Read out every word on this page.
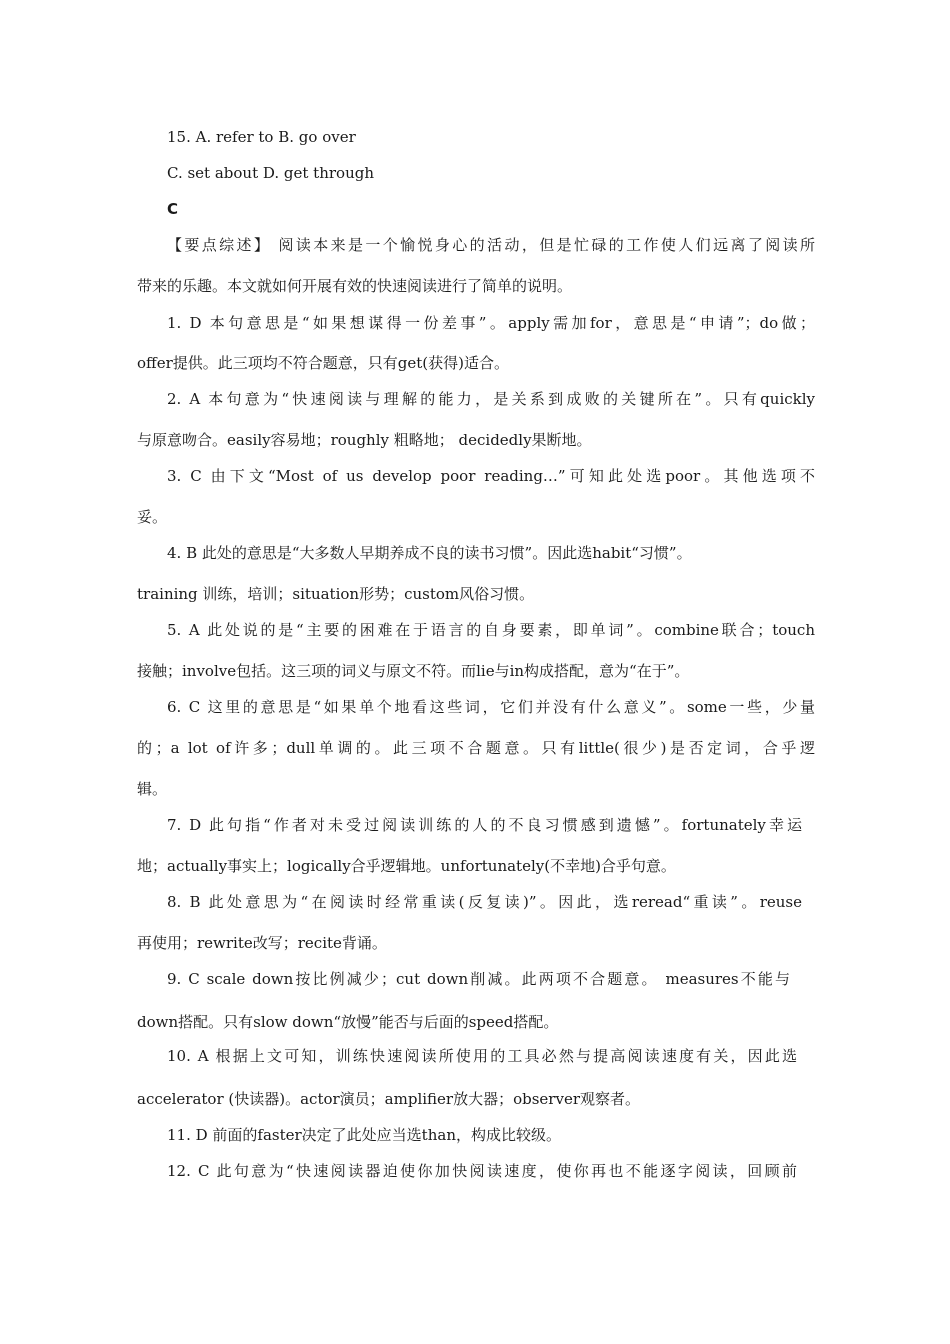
15. A. refer to B. go over
C. set about D. get through
C
【要点综述】 阅读本来是一个愉悦身心的活动，但是忙碌的工作使人们远离了阅读所
带来的乐趣。本文就如何开展有效的快速阅读进行了简单的说明。
1. D 本句意思是“如果想谋得一份差事”。apply需加for，意思是“申请”；do做；
offer提供。此三项均不符合题意，只有get(获得)适合。
2. A 本句意为“快速阅读与理解的能力，是关系到成败的关键所在”。只有quickly
与原意吻合。easily容易地；roughly 粗略地； decidedly果断地。
3. C 由下文“Most of us develop poor reading…”可知此处选poor。其他选项不
妥。
4. B 此处的意思是“大多数人早期养成不良的读书习惯”。因此选habit“习惯”。
training 训练，培训；situation形势；custom风俗习惯。
5. A 此处说的是“主要的困难在于语言的自身要素，即单词”。combine联合；touch
接触；involve包括。这三项的词义与原文不符。而lie与in构成搭配，意为“在于”。
6. C 这里的意思是“如果单个地看这些词，它们并没有什么意义”。some一些，少量
的；a lot of许多；dull单调的。此三项不合题意。只有little(很少)是否定词，合乎逻
辑。
7. D 此句指“作者对未受过阅读训练的人的不良习惯感到遗憾”。fortunately幸运
地；actually事实上；logically合乎逻辑地。unfortunately(不幸地)合乎句意。
8. B 此处意思为“在阅读时经常重读(反复读)”。因此，选reread“重读”。reuse
再使用；rewrite改写；recite背诵。
9. C scale down按比例减少；cut down削减。此两项不合题意。 measures不能与
down搭配。只有slow down“放慢”能否与后面的speed搭配。
10. A 根据上文可知，训练快速阅读所使用的工具必然与提高阅读速度有关，因此选
accelerator (快读器)。actor演员；amplifier放大器；observer观察者。
11. D 前面的faster决定了此处应当选than，构成比较级。
12. C 此句意为“快速阅读器迫使你加快阅读速度，使你再也不能逐字阅读，回顾前
